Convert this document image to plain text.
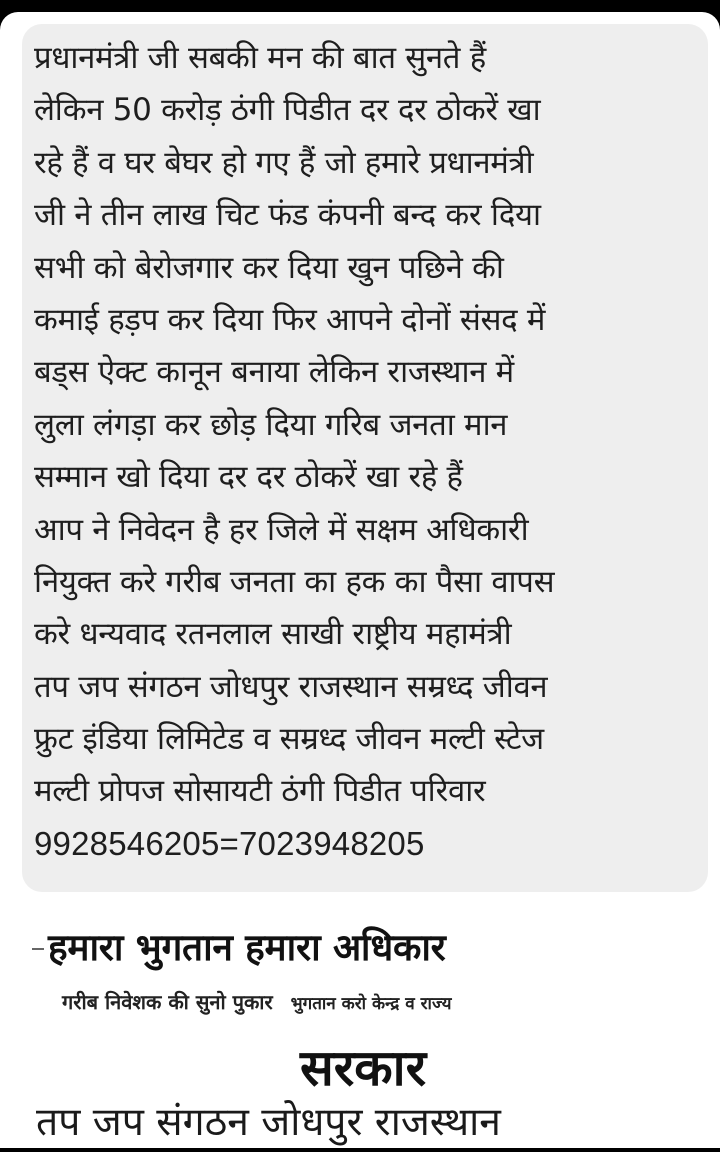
प्रधानमंत्री जी सबकी मन की बात सुनते हैं
लेकिन 50 करोड़ ठंगी पिडीत दर दर ठोकरें खा
रहे हैं व घर बेघर हो गए हैं जो हमारे प्रधानमंत्री
जी ने तीन लाख चिट फंड कंपनी बन्द कर दिया
सभी को बेरोजगार कर दिया खुन पछिने की
कमाई हड़प कर दिया फिर आपने दोनों संसद में
बड्स ऐक्ट कानून बनाया लेकिन राजस्थान में
लुला लंगड़ा कर छोड़ दिया गरिब जनता मान
सम्मान खो दिया दर दर ठोकरें खा रहे हैं
आप ने निवेदन है हर जिले में सक्षम अधिकारी
नियुक्त करे गरीब जनता का हक का पैसा वापस
करे धन्यवाद रतनलाल साखी राष्ट्रीय महामंत्री
तप जप संगठन जोधपुर राजस्थान सम्रध्द जीवन
फ्रुट इंडिया लिमिटेड व सम्रध्द जीवन मल्टी स्टेज
मल्टी प्रोपज सोसायटी ठंगी पिडीत परिवार
9928546205=7023948205
हमारा भुगतान हमारा अधिकार
गरीब निवेशक की सुनो पुकार भुगतान करो केन्द्र व राज्य
सरकार
तप जप संगठन जोधपुर राजस्थान
